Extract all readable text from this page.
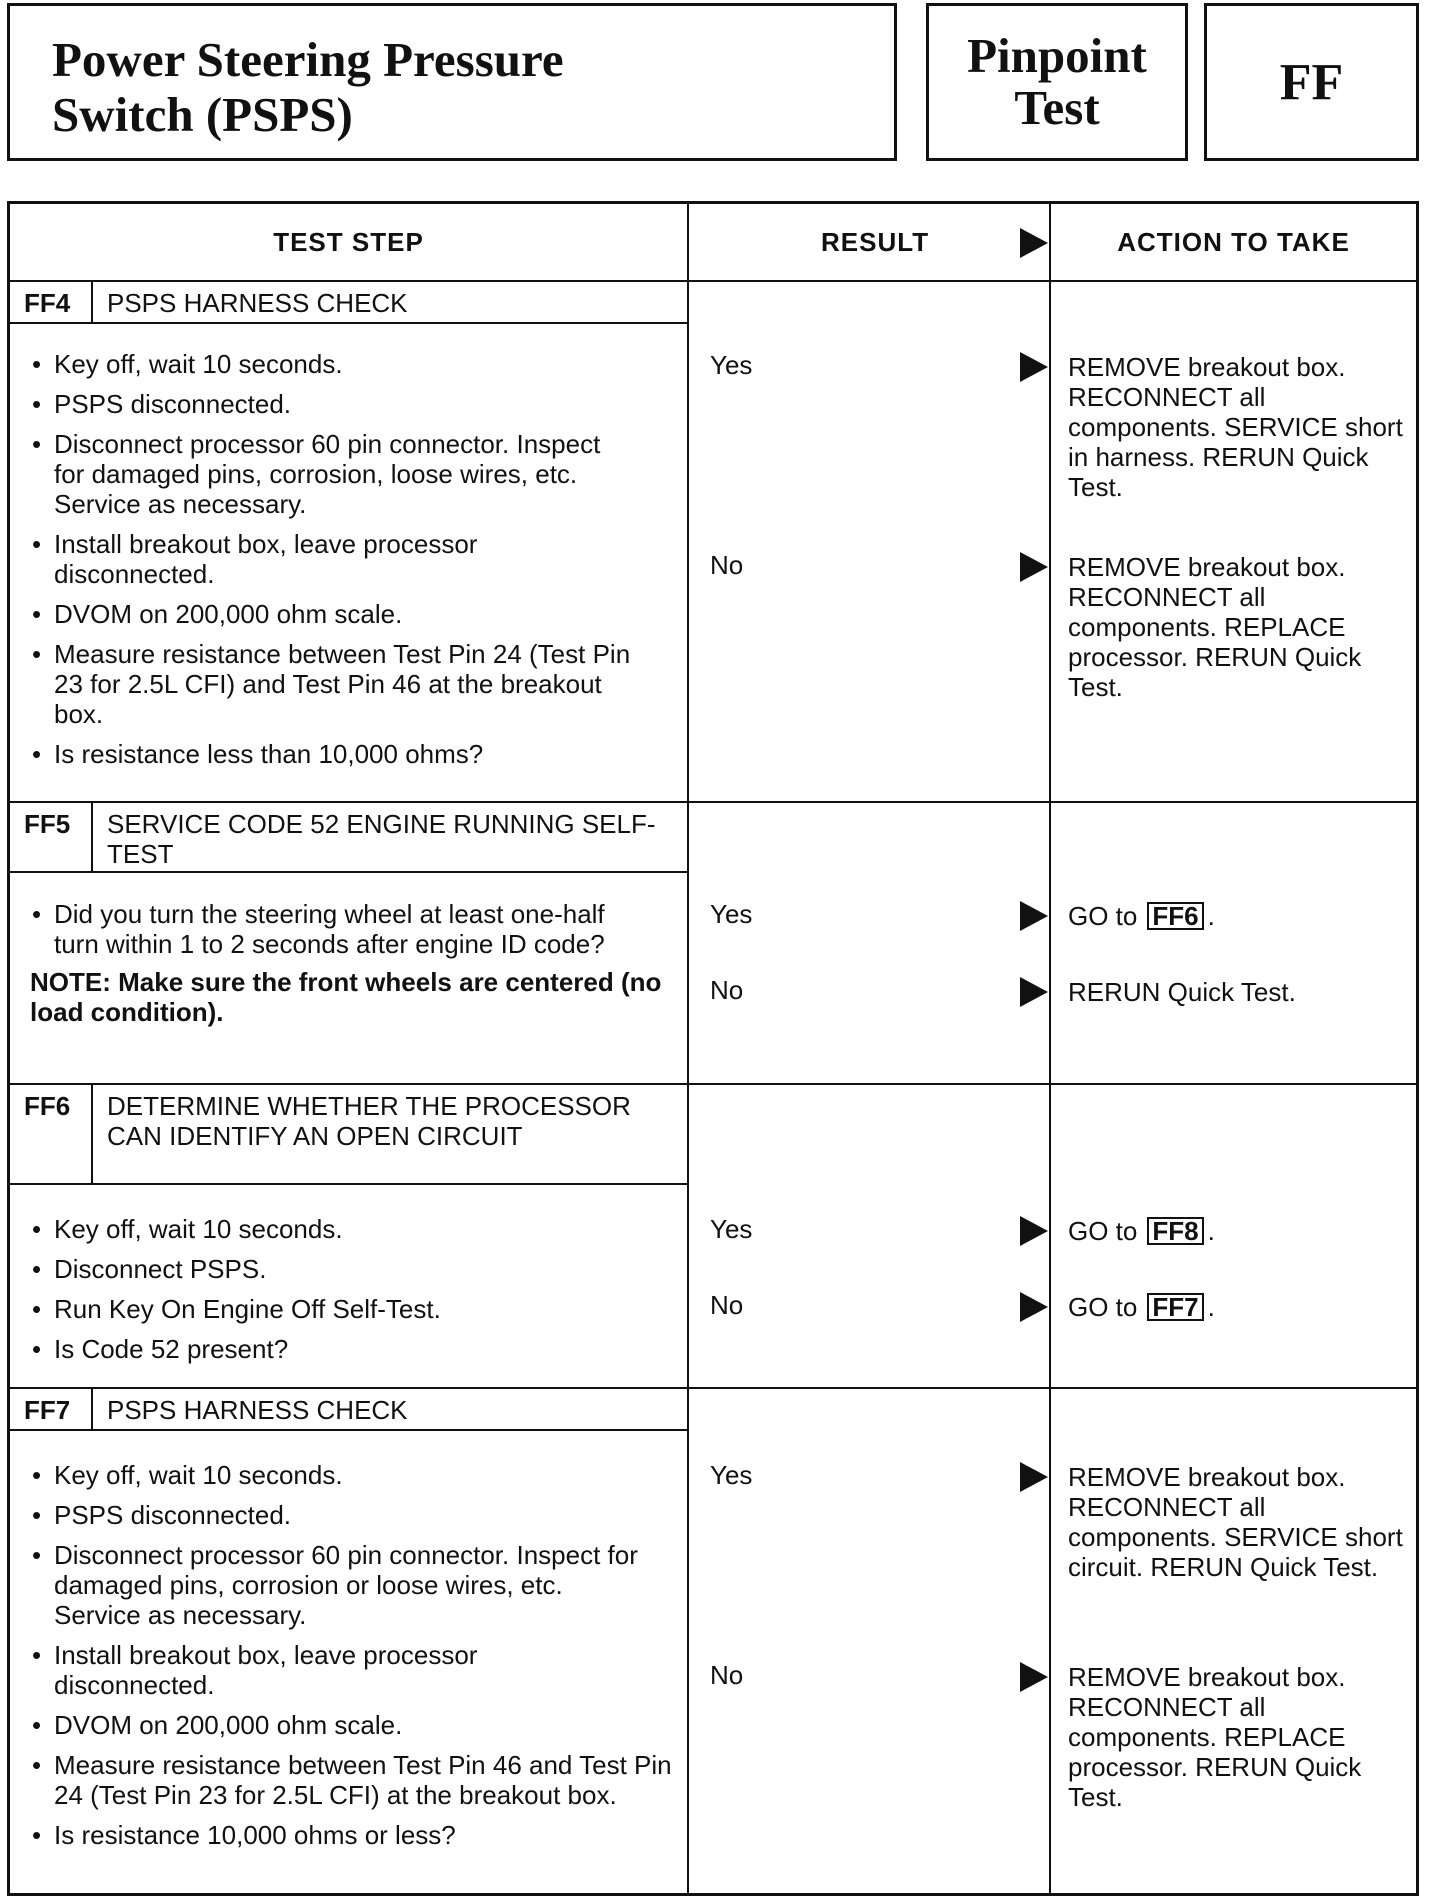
Power Steering Pressure
Switch (PSPS)
Pinpoint
Test	FF
TEST STEP	RESULT	ACTION TO TAKE
FF4	PSPS HARNESS CHECK
• Key off, wait 10 seconds.
• PSPS disconnected.
• Disconnect processor 60 pin connector. Inspect for damaged pins, corrosion, loose wires, etc. Service as necessary.
• Install breakout box, leave processor disconnected.
• DVOM on 200,000 ohm scale.
• Measure resistance between Test Pin 24 (Test Pin 23 for 2.5L CFI) and Test Pin 46 at the breakout box.
• Is resistance less than 10,000 ohms?
Yes	REMOVE breakout box. RECONNECT all components. SERVICE short in harness. RERUN Quick Test.
No	REMOVE breakout box. RECONNECT all components. REPLACE processor. RERUN Quick Test.
FF5	SERVICE CODE 52 ENGINE RUNNING SELF-TEST
• Did you turn the steering wheel at least one-half turn within 1 to 2 seconds after engine ID code?
NOTE: Make sure the front wheels are centered (no load condition).
Yes	GO to FF6 .
No	RERUN Quick Test.
FF6	DETERMINE WHETHER THE PROCESSOR CAN IDENTIFY AN OPEN CIRCUIT
• Key off, wait 10 seconds.
• Disconnect PSPS.
• Run Key On Engine Off Self-Test.
• Is Code 52 present?
Yes	GO to FF8 .
No	GO to FF7 .
FF7	PSPS HARNESS CHECK
• Key off, wait 10 seconds.
• PSPS disconnected.
• Disconnect processor 60 pin connector. Inspect for damaged pins, corrosion or loose wires, etc. Service as necessary.
• Install breakout box, leave processor disconnected.
• DVOM on 200,000 ohm scale.
• Measure resistance between Test Pin 46 and Test Pin 24 (Test Pin 23 for 2.5L CFI) at the breakout box.
• Is resistance 10,000 ohms or less?
Yes	REMOVE breakout box. RECONNECT all components. SERVICE short circuit. RERUN Quick Test.
No	REMOVE breakout box. RECONNECT all components. REPLACE processor. RERUN Quick Test.
